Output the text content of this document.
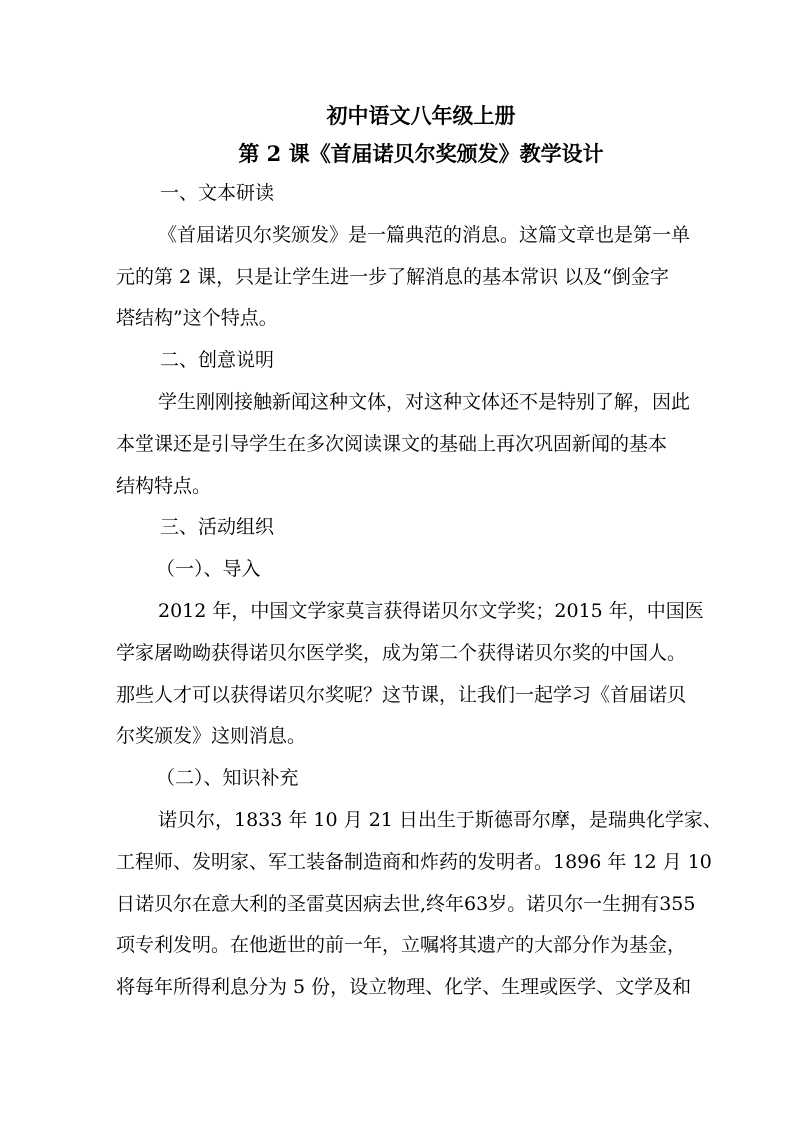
初中语文八年级上册
第 2 课《首届诺贝尔奖颁发》教学设计

一、文本研读

《首届诺贝尔奖颁发》是一篇典范的消息。这篇文章也是第一单

元的第 2 课，只是让学生进一步了解消息的基本常识 以及“倒金字

塔结构”这个特点。

二、创意说明

学生刚刚接触新闻这种文体，对这种文体还不是特别了解，因此

本堂课还是引导学生在多次阅读课文的基础上再次巩固新闻的基本

结构特点。

三、活动组织

（一）、导入

2012 年，中国文学家莫言获得诺贝尔文学奖；2015 年，中国医

学家屠呦呦获得诺贝尔医学奖，成为第二个获得诺贝尔奖的中国人。

那些人才可以获得诺贝尔奖呢？这节课，让我们一起学习《首届诺贝

尔奖颁发》这则消息。

（二）、知识补充

诺贝尔，1833 年 10 月 21 日出生于斯德哥尔摩，是瑞典化学家、

工程师、发明家、军工装备制造商和炸药的发明者。1896 年 12 月 10

日诺贝尔在意大利的圣雷莫因病去世,终年63岁。诺贝尔一生拥有355

项专利发明。在他逝世的前一年，立嘱将其遗产的大部分作为基金，

将每年所得利息分为 5 份，设立物理、化学、生理或医学、文学及和
